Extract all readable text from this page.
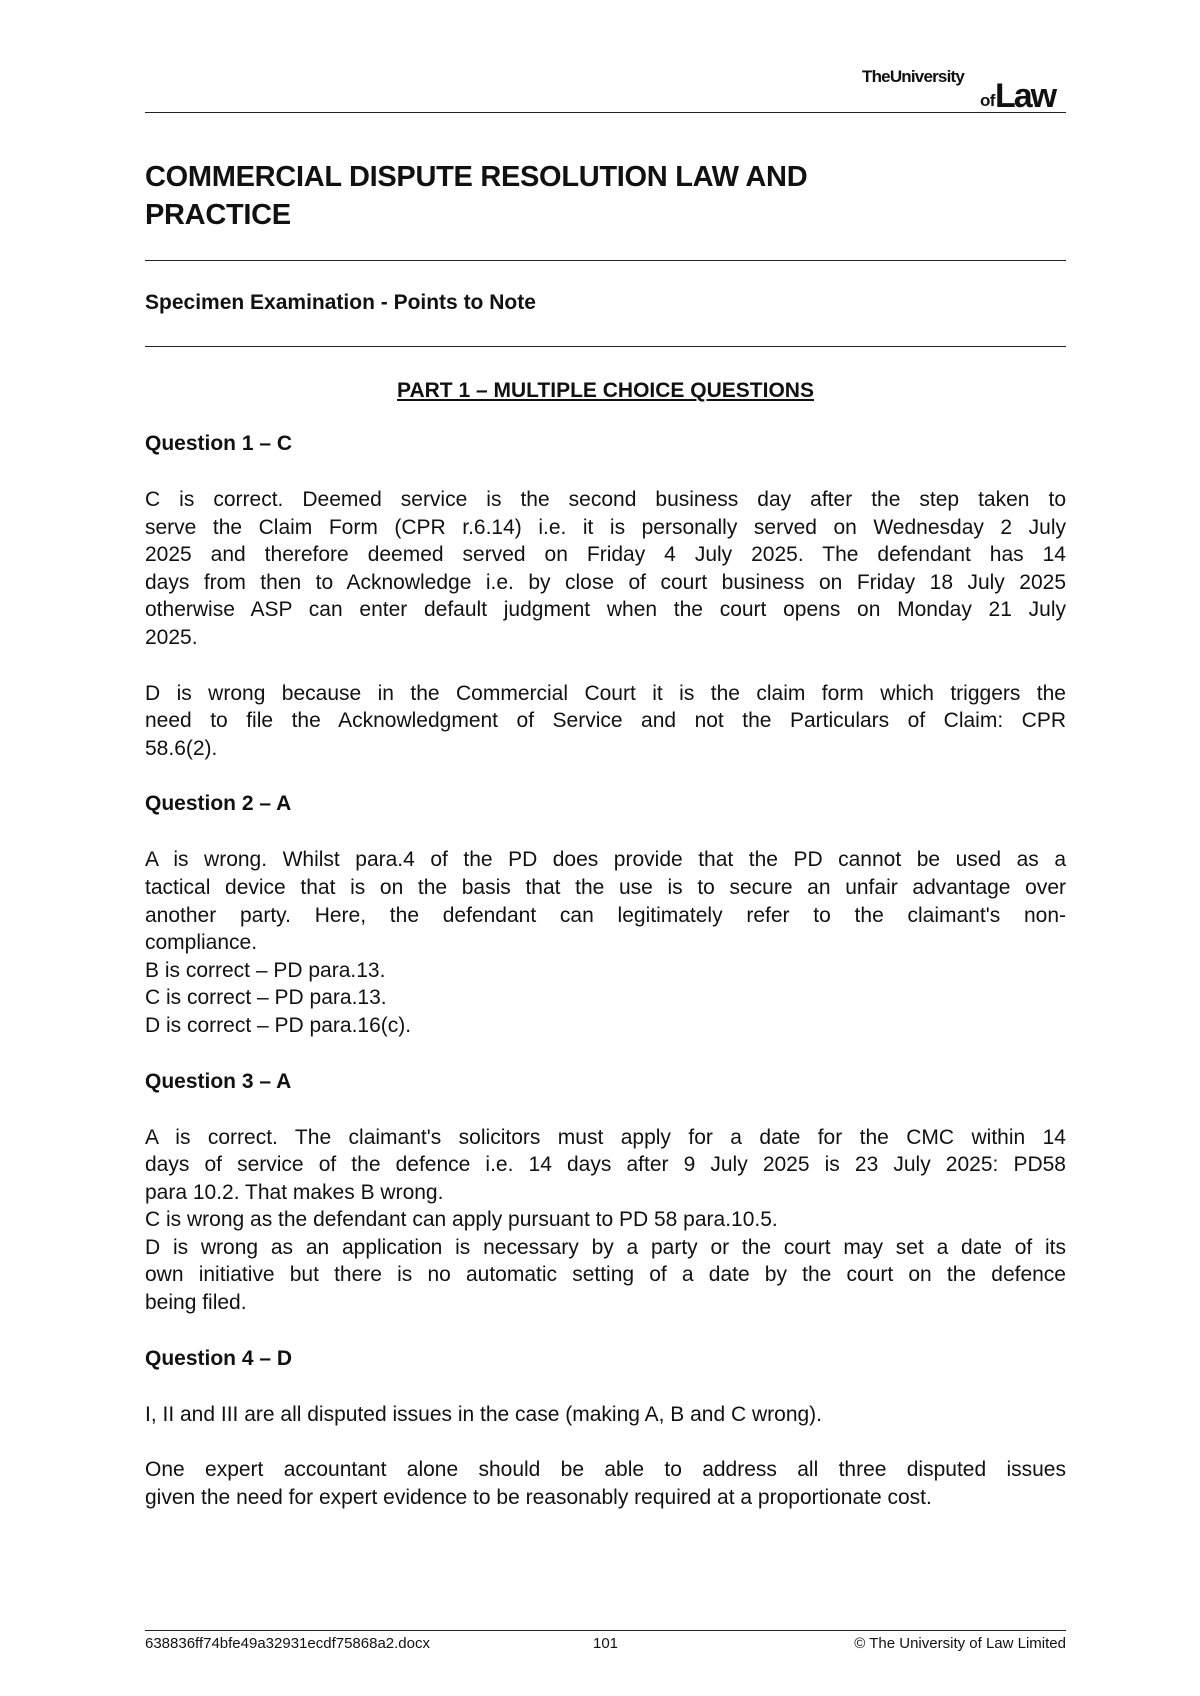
TheUniversity
of Law
COMMERCIAL DISPUTE RESOLUTION LAW AND
PRACTICE
Specimen Examination - Points to Note
PART 1 – MULTIPLE CHOICE QUESTIONS
Question 1 – C
C is correct. Deemed service is the second business day after the step taken to
serve the Claim Form (CPR r.6.14) i.e. it is personally served on Wednesday 2 July
2025 and therefore deemed served on Friday 4 July 2025. The defendant has 14
days from then to Acknowledge i.e. by close of court business on Friday 18 July 2025
otherwise ASP can enter default judgment when the court opens on Monday 21 July
2025.
D is wrong because in the Commercial Court it is the claim form which triggers the
need to file the Acknowledgment of Service and not the Particulars of Claim: CPR
58.6(2).
Question 2 – A
A is wrong. Whilst para.4 of the PD does provide that the PD cannot be used as a
tactical device that is on the basis that the use is to secure an unfair advantage over
another party. Here, the defendant can legitimately refer to the claimant's non-
compliance.
B is correct – PD para.13.
C is correct – PD para.13.
D is correct – PD para.16(c).
Question 3 – A
A is correct. The claimant's solicitors must apply for a date for the CMC within 14
days of service of the defence i.e. 14 days after 9 July 2025 is 23 July 2025: PD58
para 10.2. That makes B wrong.
C is wrong as the defendant can apply pursuant to PD 58 para.10.5.
D is wrong as an application is necessary by a party or the court may set a date of its
own initiative but there is no automatic setting of a date by the court on the defence
being filed.
Question 4 – D
I, II and III are all disputed issues in the case (making A, B and C wrong).
One expert accountant alone should be able to address all three disputed issues
given the need for expert evidence to be reasonably required at a proportionate cost.
638836ff74bfe49a32931ecdf75868a2.docx	101	© The University of Law Limited
